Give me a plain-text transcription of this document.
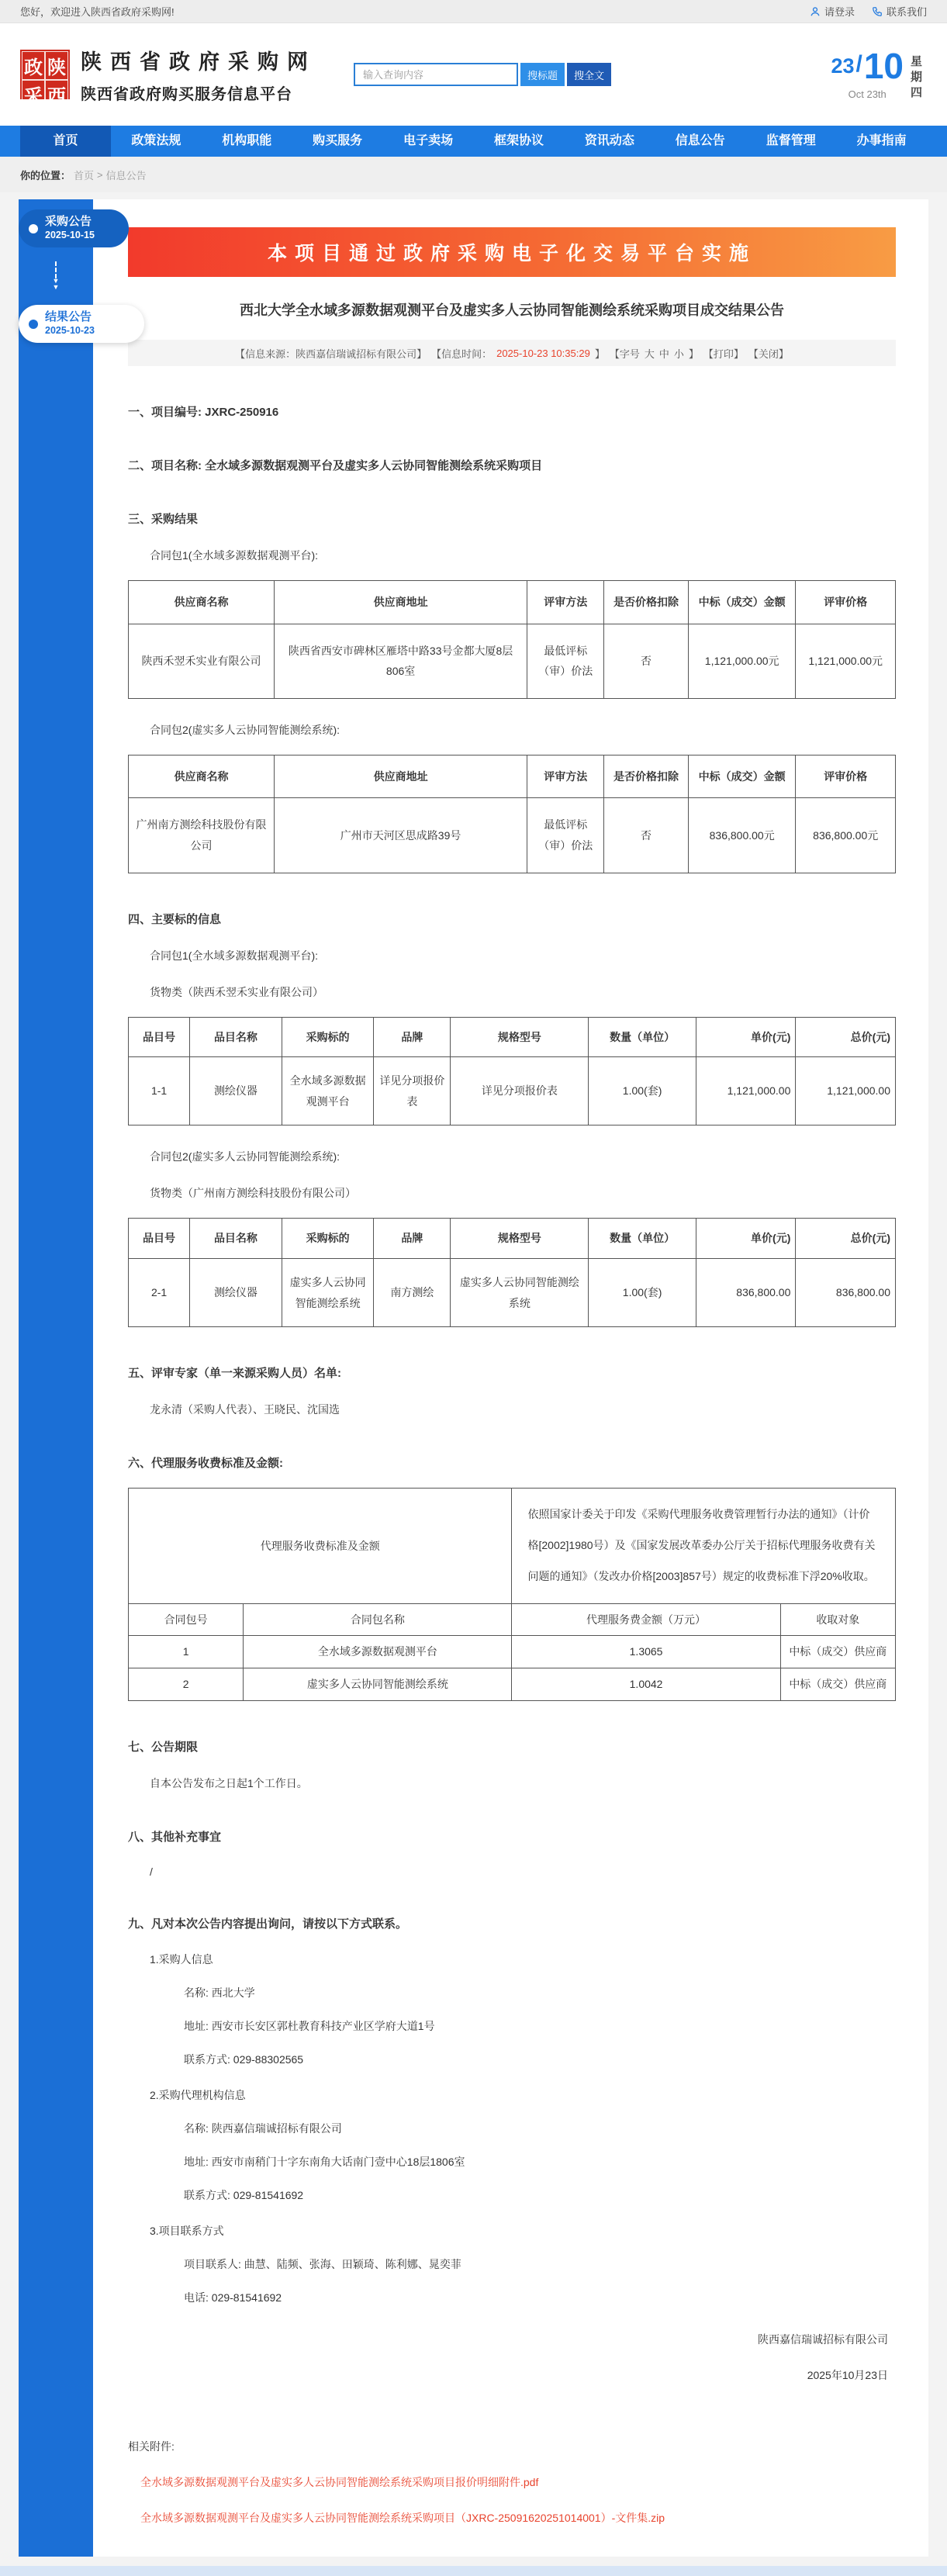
您好，欢迎进入陕西省政府采购网!	请登录	联系我们
政 陕
采 西
陕西省政府采购网
陕西省政府购买服务信息平台
输入查询内容
搜标题	搜全文	23 / 10
Oct 23th
星期四
首页	政策法规	机构职能	购买服务	电子卖场	框架协议	资讯动态	信息公告	监督管理	办事指南
你的位置： 首页 > 信息公告
采购公告
2025-10-15
▼
▼
结果公告
2025-10-23
本项目通过政府采购电子化交易平台实施
西北大学全水域多源数据观测平台及虚实多人云协同智能测绘系统采购项目成交结果公告
【信息来源：陕西嘉信瑞诚招标有限公司】 【信息时间： 2025-10-23 10:35:29 】 【字号 大 中 小 】 【打印】 【关闭】
一、项目编号: JXRC-250916
二、项目名称: 全水域多源数据观测平台及虚实多人云协同智能测绘系统采购项目
三、采购结果
合同包1(全水域多源数据观测平台):
供应商名称	供应商地址	评审方法	是否价格扣除	中标（成交）金额	评审价格
陕西禾翌禾实业有限公司	陕西省西安市碑林区雁塔中路33号金都大厦8层806室	最低评标（审）价法	否	1,121,000.00元	1,121,000.00元
合同包2(虚实多人云协同智能测绘系统):
供应商名称	供应商地址	评审方法	是否价格扣除	中标（成交）金额	评审价格
广州南方测绘科技股份有限公司	广州市天河区思成路39号	最低评标（审）价法	否	836,800.00元	836,800.00元
四、主要标的信息
合同包1(全水域多源数据观测平台):
货物类（陕西禾翌禾实业有限公司）
品目号	品目名称	采购标的	品牌	规格型号	数量（单位）	单价(元)	总价(元)
1-1	测绘仪器	全水域多源数据观测平台	详见分项报价表	详见分项报价表	1.00(套)	1,121,000.00	1,121,000.00
合同包2(虚实多人云协同智能测绘系统):
货物类（广州南方测绘科技股份有限公司）
品目号	品目名称	采购标的	品牌	规格型号	数量（单位）	单价(元)	总价(元)
2-1	测绘仪器	虚实多人云协同智能测绘系统	南方测绘	虚实多人云协同智能测绘系统	1.00(套)	836,800.00	836,800.00
五、评审专家（单一来源采购人员）名单:
龙永清（采购人代表）、王晓民、沈国选
六、代理服务收费标准及金额:
代理服务收费标准及金额		依照国家计委关于印发《采购代理服务收费管理暂行办法的通知》（计价格[2002]1980号）及《国家发展改革委办公厅关于招标代理服务收费有关问题的通知》（发改办价格[2003]857号）规定的收费标准下浮20%收取。	
合同包号	合同包名称	代理服务费金额（万元）	收取对象
1	全水域多源数据观测平台	1.3065	中标（成交）供应商
2	虚实多人云协同智能测绘系统	1.0042	中标（成交）供应商
七、公告期限
自本公告发布之日起1个工作日。
八、其他补充事宜
/
九、凡对本次公告内容提出询问，请按以下方式联系。
1.采购人信息
名称: 西北大学
地址: 西安市长安区郭杜教育科技产业区学府大道1号
联系方式: 029-88302565
2.采购代理机构信息
名称: 陕西嘉信瑞诚招标有限公司
地址: 西安市南稍门十字东南角大话南门壹中心18层1806室
联系方式: 029-81541692
3.项目联系方式
项目联系人: 曲慧、陆频、张海、田颖琦、陈利娜、晁奕菲
电话: 029-81541692
陕西嘉信瑞诚招标有限公司
2025年10月23日
相关附件:
全水域多源数据观测平台及虚实多人云协同智能测绘系统采购项目报价明细附件.pdf
全水域多源数据观测平台及虚实多人云协同智能测绘系统采购项目（JXRC-25091620251014001）-文件集.zip
